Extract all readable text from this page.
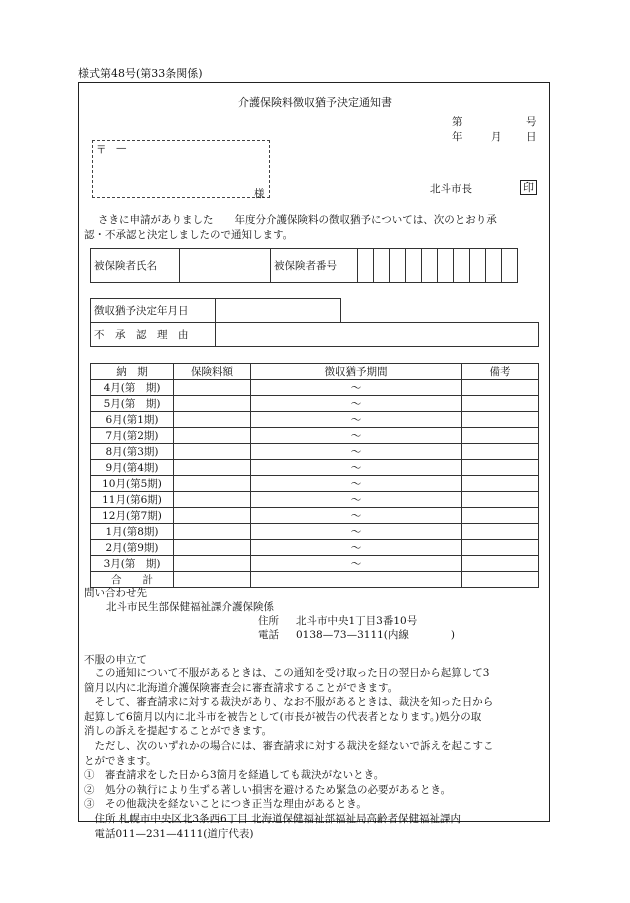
様式第48号(第33条関係)
介護保険料徴収猶予決定通知書
第	号
年	月 日
〒 —
様	北斗市長	印
さきに申請がありました　　年度分介護保険料の徴収猶予については、次のとおり承
認・不承認と決定しましたので通知します。
被保険者氏名		被保険者番号										
徴収猶予決定年月日	
不　承　認　理　由	
納　期	保険料額	徴収猶予期間	備考
4月(第　期)		〜	
5月(第　期)		〜	
6月(第1期)		〜	
7月(第2期)		〜	
8月(第3期)		〜	
9月(第4期)		〜	
10月(第5期)		〜	
11月(第6期)		〜	
12月(第7期)		〜	
1月(第8期)		〜	
2月(第9期)		〜	
3月(第　期)		〜	
合　　計			
問い合わせ先
北斗市民生部保健福祉課介護保険係
住所 北斗市中央1丁目3番10号
電話 0138—73—3111(内線　　　　)
不服の申立て

　この通知について不服があるときは、この通知を受け取った日の翌日から起算して3

箇月以内に北海道介護保険審査会に審査請求することができます。

　そして、審査請求に対する裁決があり、なお不服があるときは、裁決を知った日から

起算して6箇月以内に北斗市を被告として(市長が被告の代表者となります。)処分の取

消しの訴えを提起することができます。

　ただし、次のいずれかの場合には、審査請求に対する裁決を経ないで訴えを起こすこ

とができます。

①　審査請求をした日から3箇月を経過しても裁決がないとき。

②　処分の執行により生ずる著しい損害を避けるため緊急の必要があるとき。

③　その他裁決を経ないことにつき正当な理由があるとき。

　住所 札幌市中央区北3条西6丁目 北海道保健福祉部福祉局高齢者保健福祉課内

　電話011—231—4111(道庁代表)
